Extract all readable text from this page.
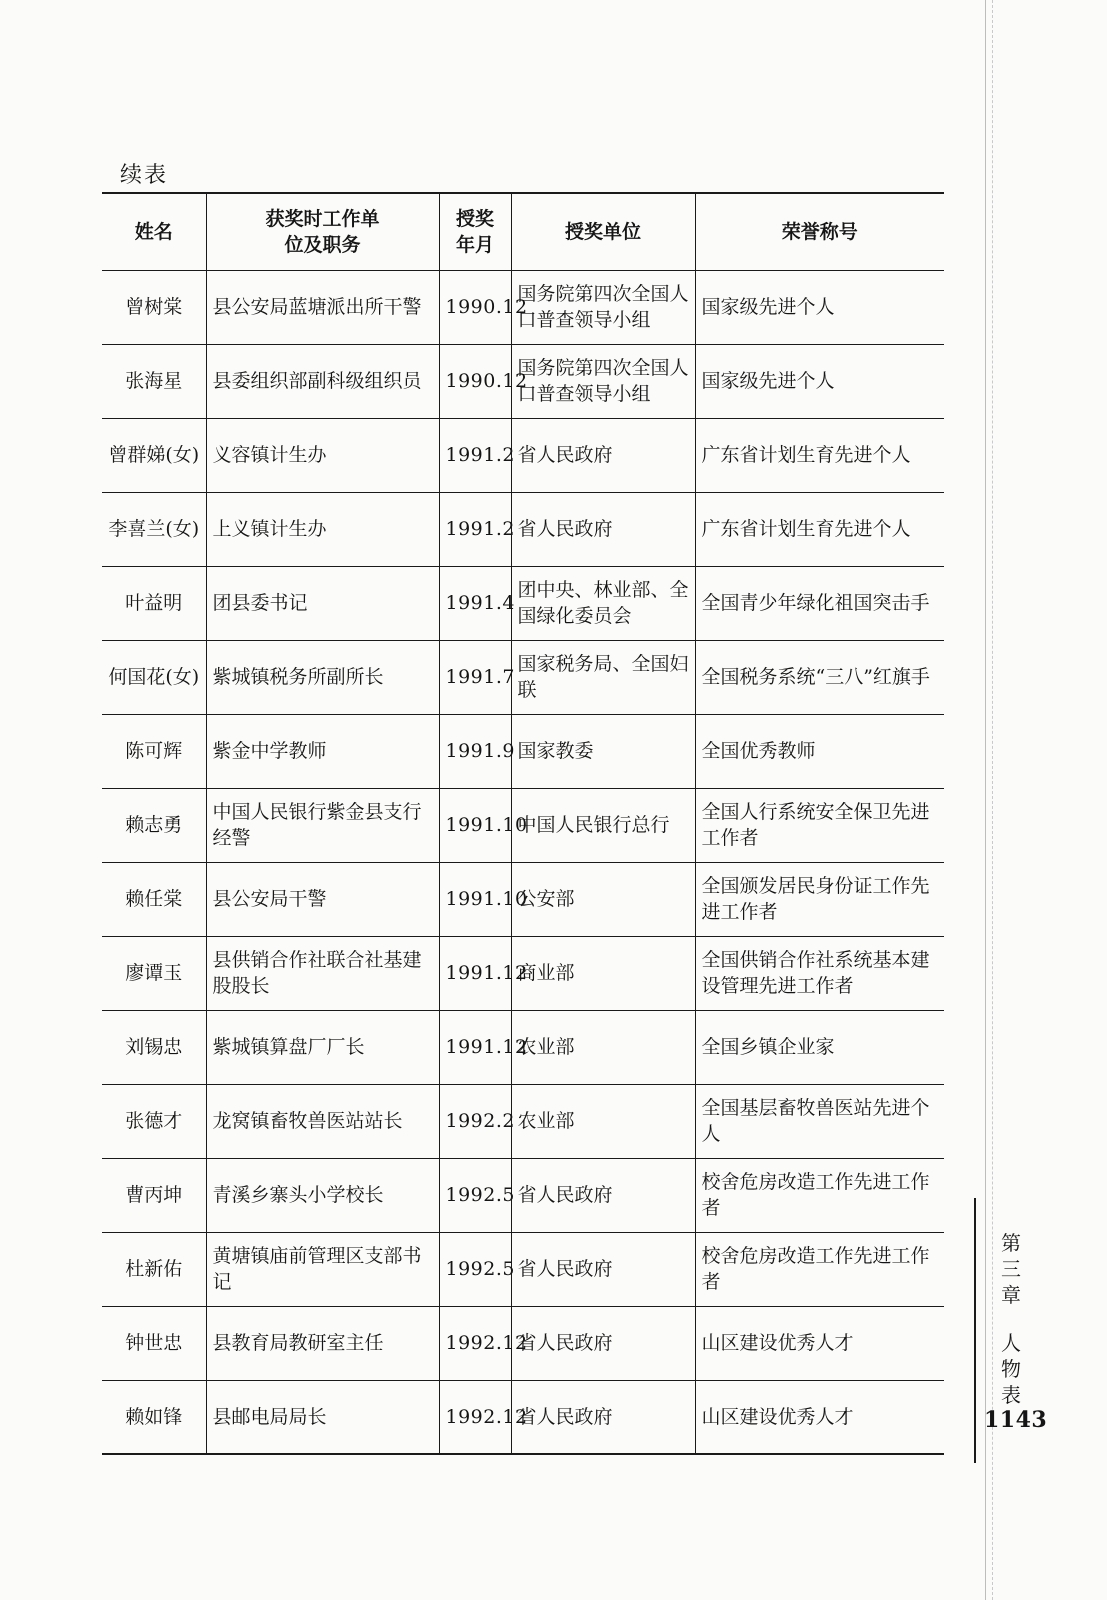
续表
姓名	获奖时工作单位及职务	授奖年月	授奖单位	荣誉称号
曾树棠	县公安局蓝塘派出所干警	1990.12	国务院第四次全国人口普查领导小组	国家级先进个人
张海星	县委组织部副科级组织员	1990.12	国务院第四次全国人口普查领导小组	国家级先进个人
曾群娣(女)	义容镇计生办	1991.2	省人民政府	广东省计划生育先进个人
李喜兰(女)	上义镇计生办	1991.2	省人民政府	广东省计划生育先进个人
叶益明	团县委书记	1991.4	团中央、林业部、全国绿化委员会	全国青少年绿化祖国突击手
何国花(女)	紫城镇税务所副所长	1991.7	国家税务局、全国妇联	全国税务系统“三八”红旗手
陈可辉	紫金中学教师	1991.9	国家教委	全国优秀教师
赖志勇	中国人民银行紫金县支行经警	1991.10	中国人民银行总行	全国人行系统安全保卫先进工作者
赖任棠	县公安局干警	1991.10	公安部	全国颁发居民身份证工作先进工作者
廖谭玉	县供销合作社联合社基建股股长	1991.12	商业部	全国供销合作社系统基本建设管理先进工作者
刘锡忠	紫城镇算盘厂厂长	1991.12	农业部	全国乡镇企业家
张德才	龙窝镇畜牧兽医站站长	1992.2	农业部	全国基层畜牧兽医站先进个人
曹丙坤	青溪乡寨头小学校长	1992.5	省人民政府	校舍危房改造工作先进工作者
杜新佑	黄塘镇庙前管理区支部书记	1992.5	省人民政府	校舍危房改造工作先进工作者
钟世忠	县教育局教研室主任	1992.12	省人民政府	山区建设优秀人才
赖如锋	县邮电局局长	1992.12	省人民政府	山区建设优秀人才
第三章
人物表
1143
